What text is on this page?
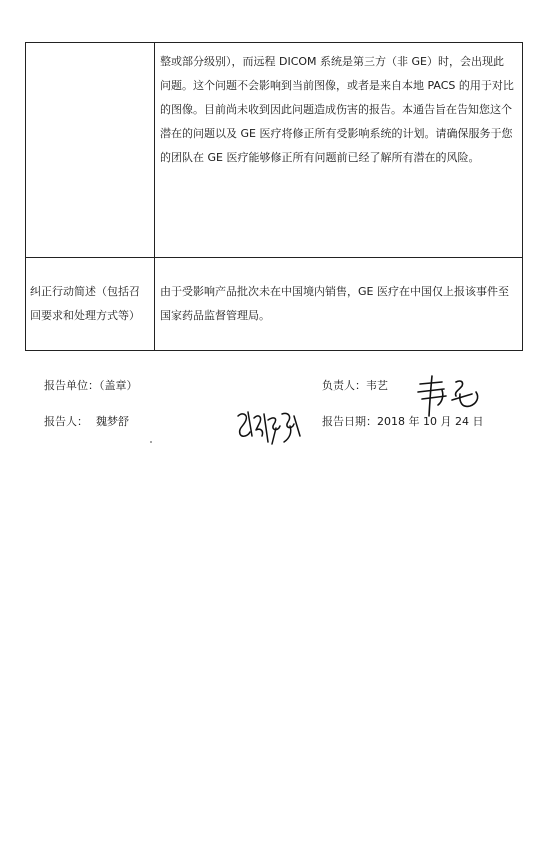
	整或部分级别），而远程 DICOM 系统是第三方（非 GE）时，会出现此问题。这个问题不会影响到当前图像，或者是来自本地 PACS 的用于对比的图像。目前尚未收到因此问题造成伤害的报告。本通告旨在告知您这个潜在的问题以及 GE 医疗将修正所有受影响系统的计划。请确保服务于您的团队在 GE 医疗能够修正所有问题前已经了解所有潜在的风险。

纠正行动简述（包括召回要求和处理方式等）	由于受影响产品批次未在中国境内销售，GE 医疗在中国仅上报该事件至国家药品监督管理局。
报告单位：（盖章）	负责人：韦艺
报告人： 魏梦舒	报告日期：2018 年 10 月 24 日
